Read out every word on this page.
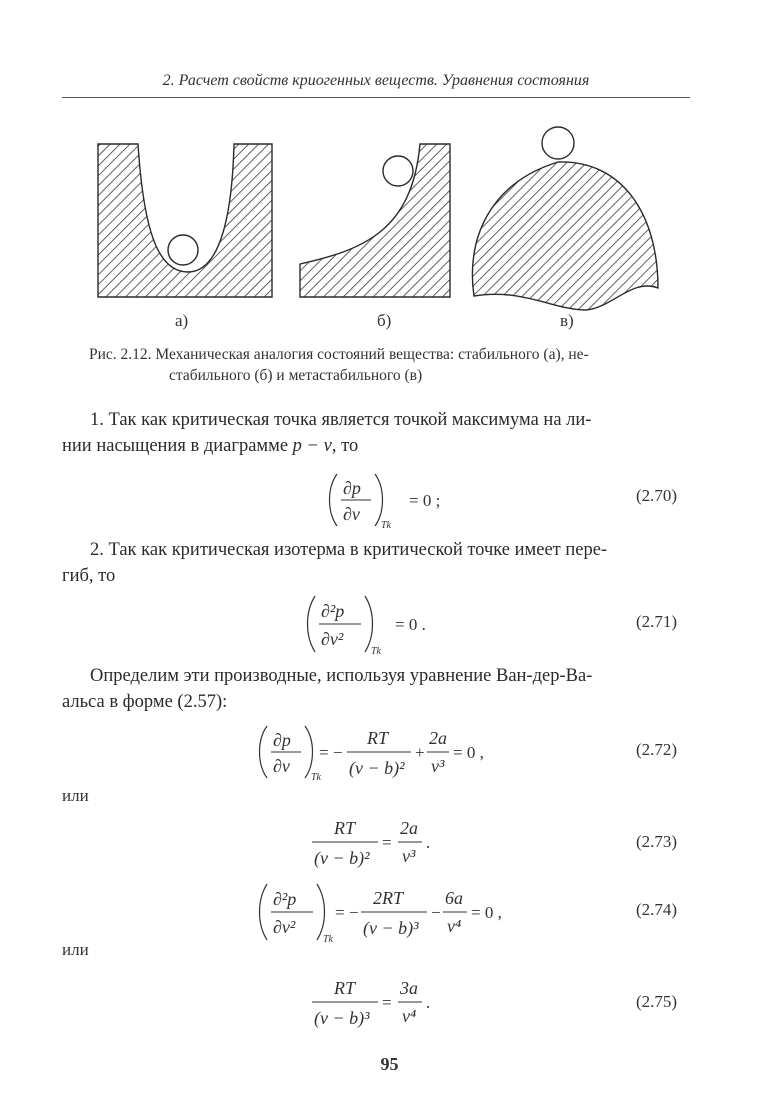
2. Расчет свойств криогенных веществ. Уравнения состояния
а)	б)	в)
Рис. 2.12. Механическая аналогия состояний вещества: стабильного (а), не-
стабильного (б) и метастабильного (в)
1. Так как критическая точка является точкой максимума на ли-
нии насыщения в диаграмме p − v, то
∂p
∂v
Tk
= 0 ;	(2.70)
2. Так как критическая изотерма в критической точке имеет пере-
гиб, то
∂²p
∂v²
Tk
= 0 .	(2.71)
Определим эти производные, используя уравнение Ван-дер-Ва-
альса в форме (2.57):
∂p
∂v
Tk
= −
RT
(v − b)²
+
2a
v³
= 0 ,	(2.72)
или
RT
(v − b)²
=
2a
v³
.	(2.73)
∂²p
∂v²
Tk
= −
2RT
(v − b)³
−
6a
v⁴
= 0 ,	(2.74)
или
RT
(v − b)³
=
3a
v⁴
.	(2.75)
95
